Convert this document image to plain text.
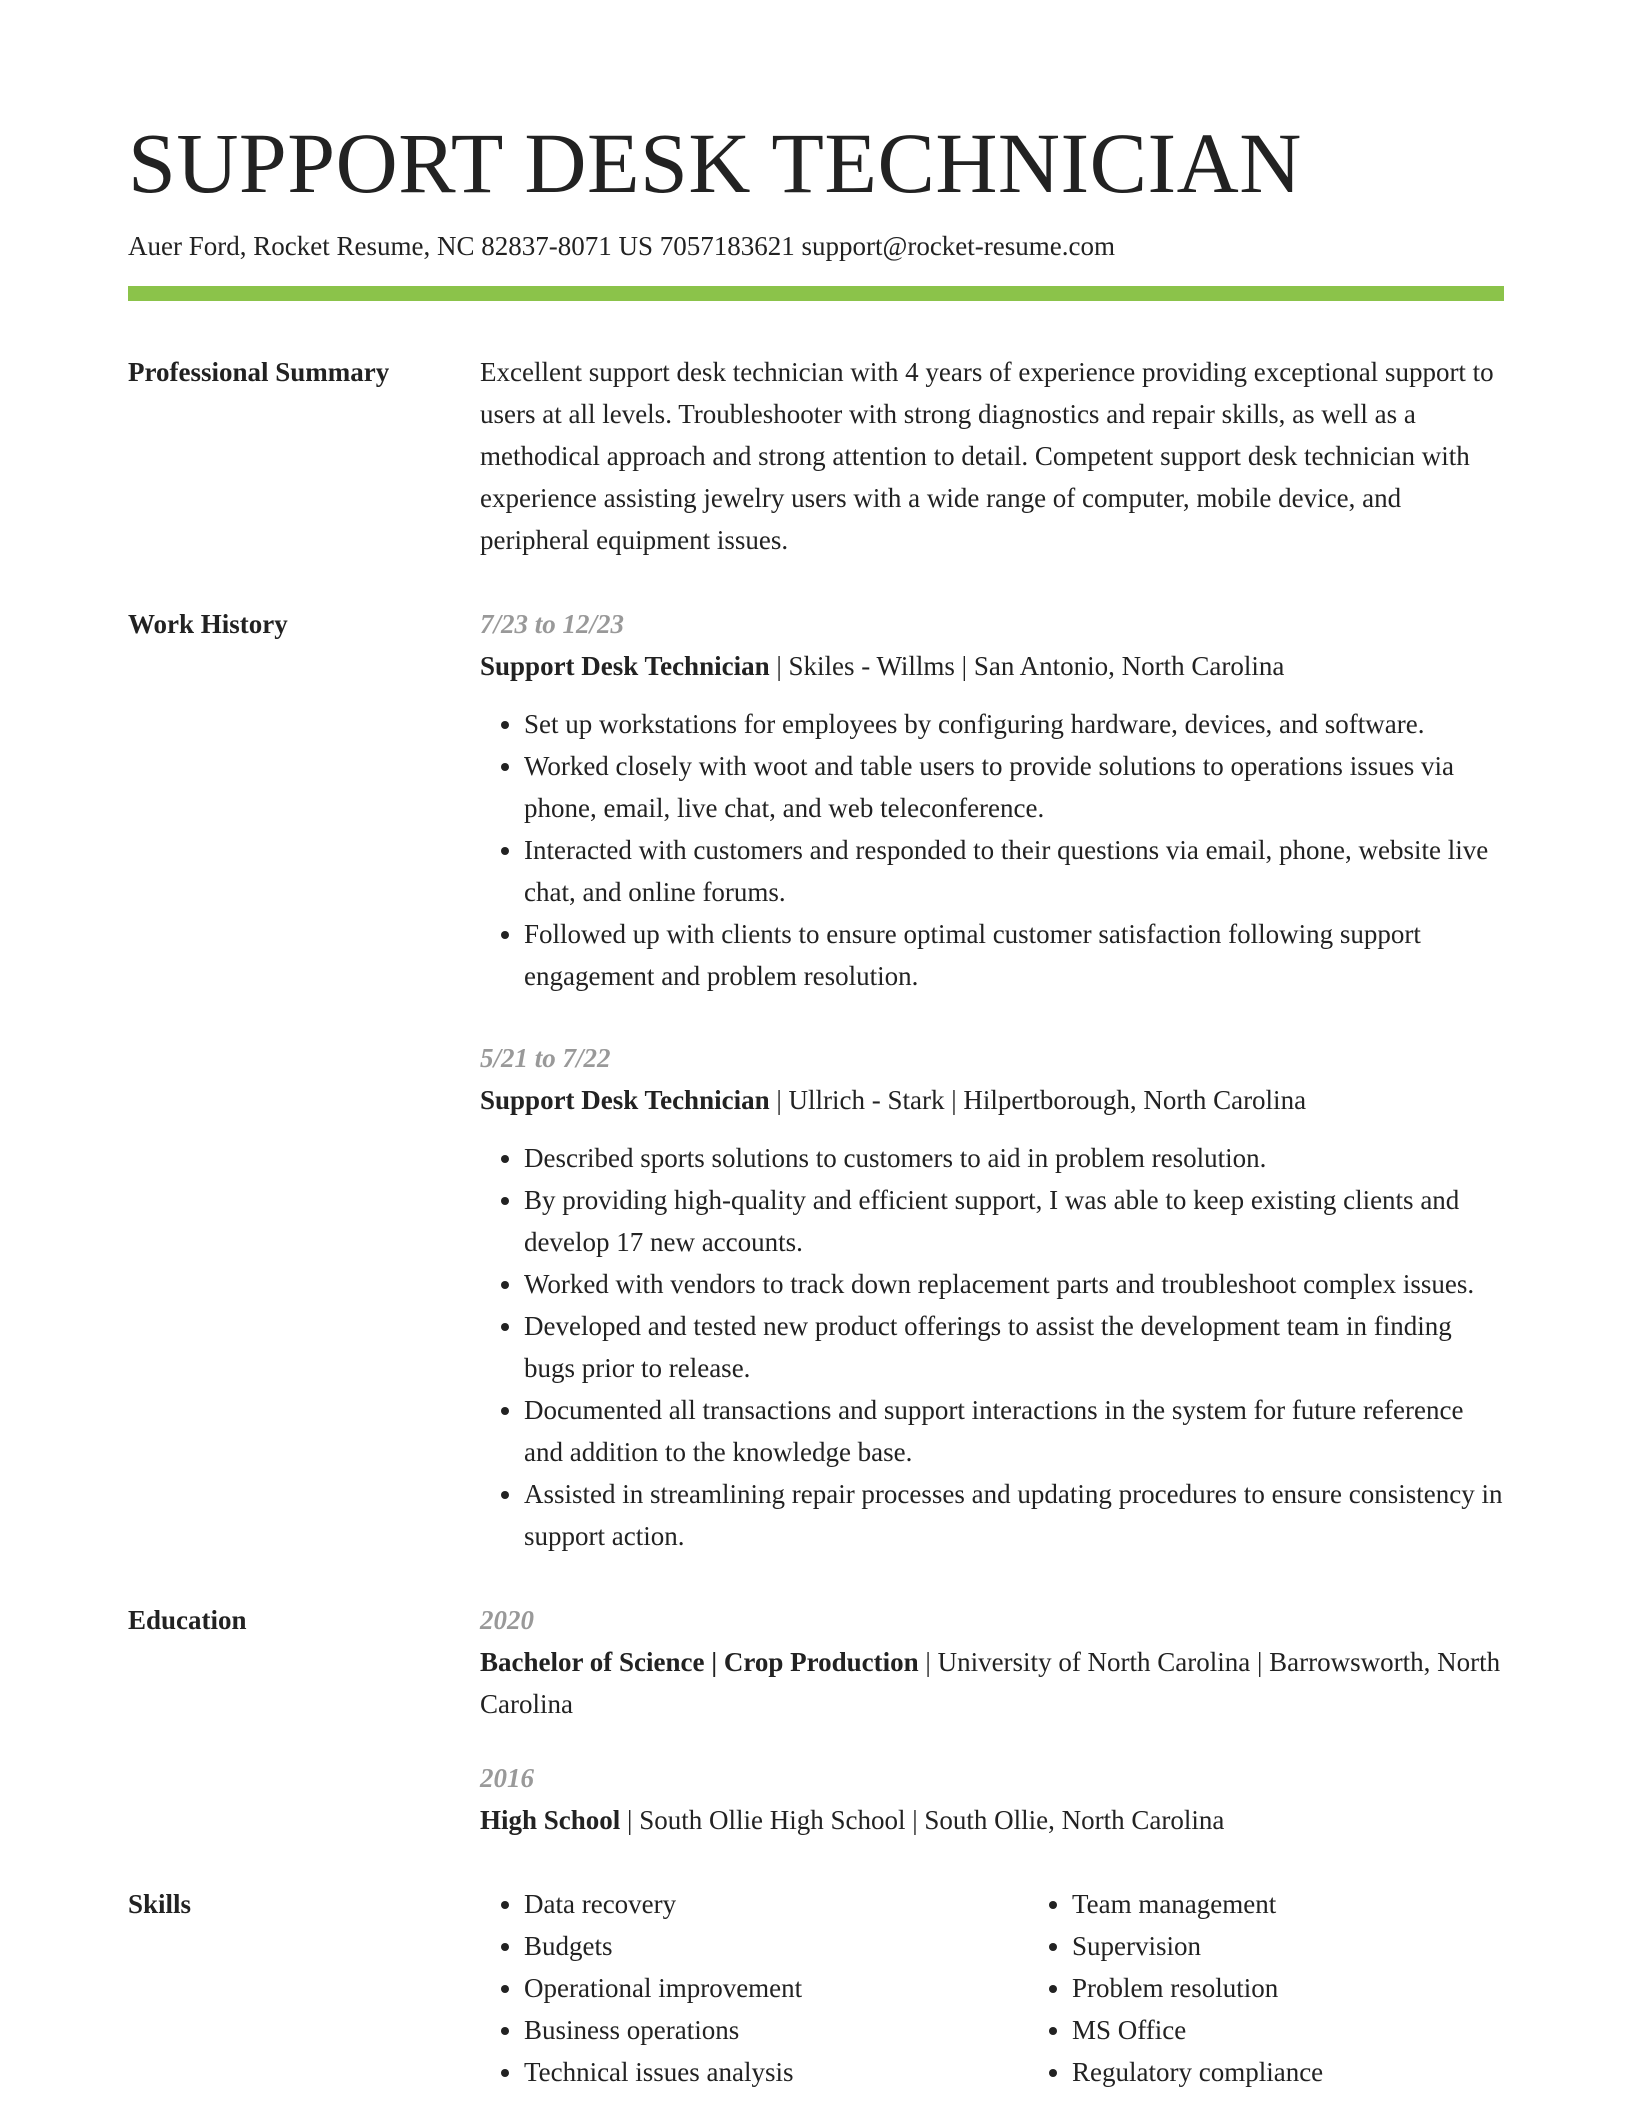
SUPPORT DESK TECHNICIAN
Auer Ford, Rocket Resume, NC 82837-8071 US 7057183621 support@rocket-resume.com
Professional Summary	Excellent support desk technician with 4 years of experience providing exceptional support to users at all levels. Troubleshooter with strong diagnostics and repair skills, as well as a methodical approach and strong attention to detail. Competent support desk technician with experience assisting jewelry users with a wide range of computer, mobile device, and peripheral equipment issues.

Work History	7/23 to 12/23
Support Desk Technician | Skiles - Willms | San Antonio, North Carolina
• Set up workstations for employees by configuring hardware, devices, and software.
• Worked closely with woot and table users to provide solutions to operations issues via phone, email, live chat, and web teleconference.
• Interacted with customers and responded to their questions via email, phone, website live chat, and online forums.
• Followed up with clients to ensure optimal customer satisfaction following support engagement and problem resolution.
5/21 to 7/22
Support Desk Technician | Ullrich - Stark | Hilpertborough, North Carolina
• Described sports solutions to customers to aid in problem resolution.
• By providing high-quality and efficient support, I was able to keep existing clients and develop 17 new accounts.
• Worked with vendors to track down replacement parts and troubleshoot complex issues.
• Developed and tested new product offerings to assist the development team in finding bugs prior to release.
• Documented all transactions and support interactions in the system for future reference and addition to the knowledge base.
• Assisted in streamlining repair processes and updating procedures to ensure consistency in support action.
Education	2020
Bachelor of Science | Crop Production | University of North Carolina | Barrowsworth, North Carolina
2016
High School | South Ollie High School | South Ollie, North Carolina
Skills
•	Data recovery
• Budgets
• Operational improvement
• Business operations
• Technical issues analysis
• Team management
• Supervision
• Problem resolution
• MS Office
• Regulatory compliance
